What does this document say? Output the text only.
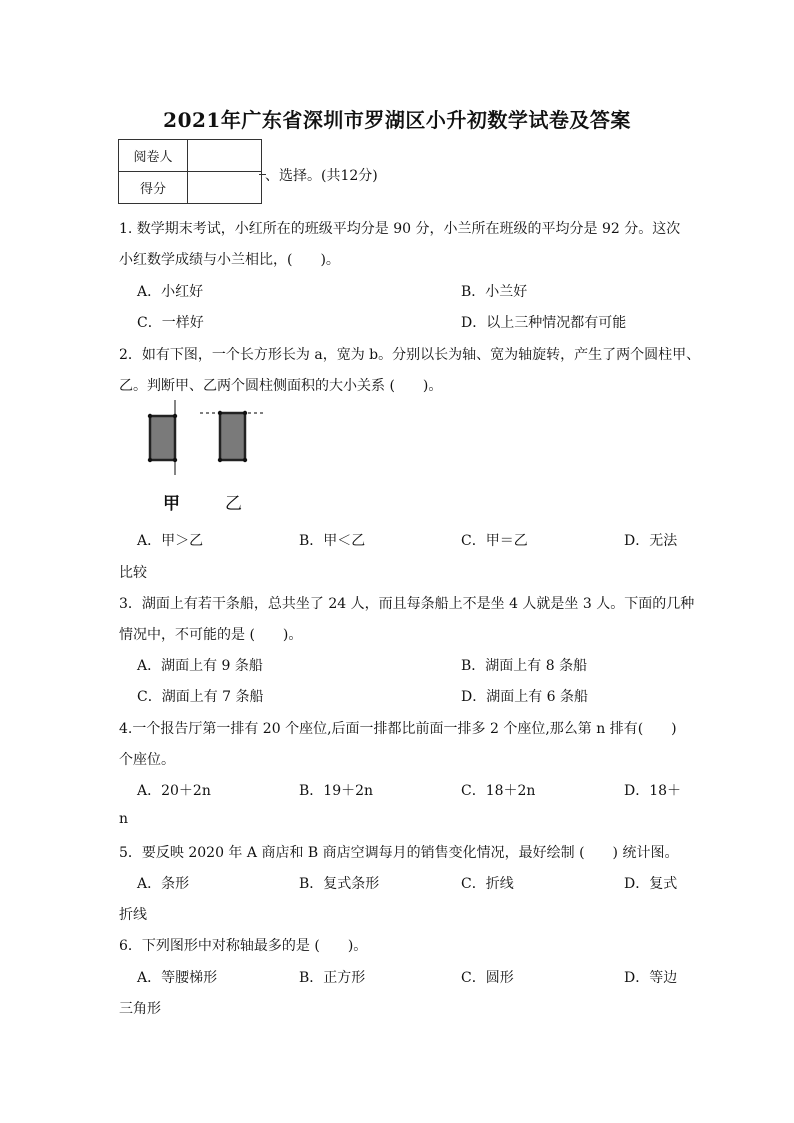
2021年广东省深圳市罗湖区小升初数学试卷及答案
阅卷人	
得分	
、选择。(共12分)
1. 数学期末考试，小红所在的班级平均分是 90 分，小兰所在班级的平均分是 92 分。这次
小红数学成绩与小兰相比，(　　)。
A．小红好	B．小兰好
C．一样好	D．以上三种情况都有可能
2．如有下图，一个长方形长为 a，宽为 b。分别以长为轴、宽为轴旋转，产生了两个圆柱甲、
乙。判断甲、乙两个圆柱侧面积的大小关系 (　　)。
甲	乙
A．甲＞乙	B．甲＜乙	C．甲＝乙	D．无法
比较
3．湖面上有若干条船，总共坐了 24 人，而且每条船上不是坐 4 人就是坐 3 人。下面的几种
情况中，不可能的是 (　　)。
A．湖面上有 9 条船	B．湖面上有 8 条船
C．湖面上有 7 条船	D．湖面上有 6 条船
4.一个报告厅第一排有 20 个座位,后面一排都比前面一排多 2 个座位,那么第 n 排有(　　)
个座位。
A．20＋2n	B．19＋2n	C．18＋2n	D．18＋
n
5．要反映 2020 年 A 商店和 B 商店空调每月的销售变化情况，最好绘制 (　　) 统计图。
A．条形	B．复式条形	C．折线	D．复式
折线
6．下列图形中对称轴最多的是 (　　)。
A．等腰梯形	B．正方形	C．圆形	D．等边
三角形
